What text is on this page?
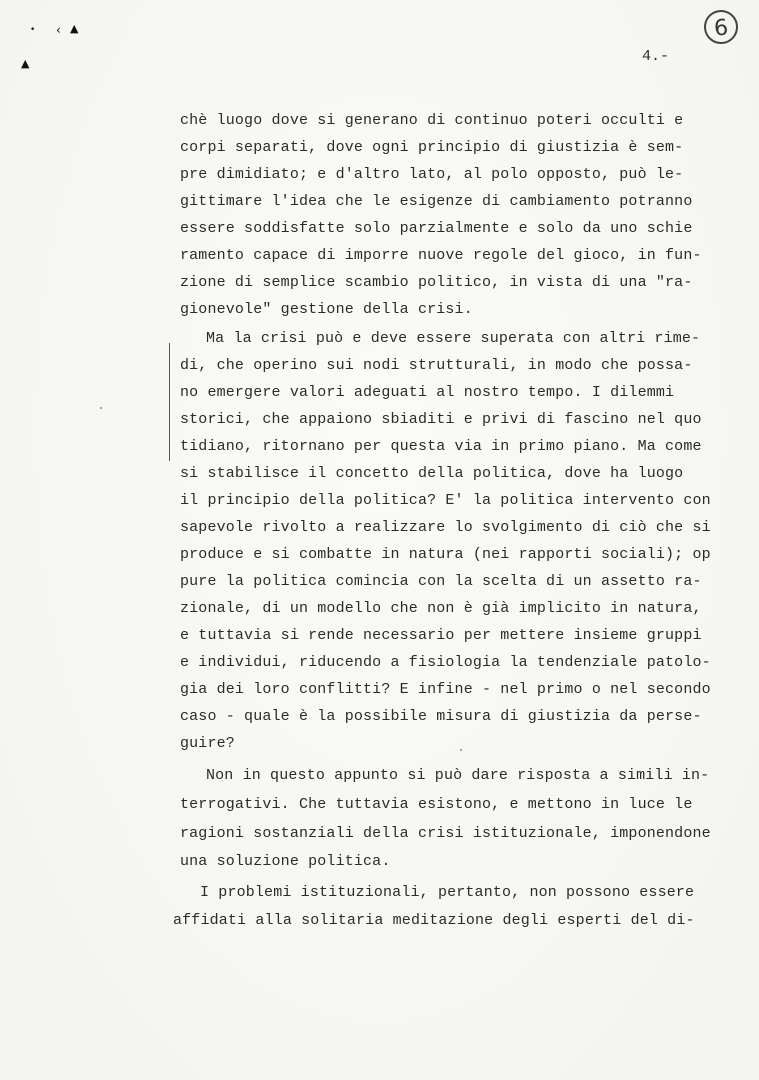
• ‹ ▲
▲
6
4.-
chè luogo dove si generano di continuo poteri occulti e
corpi separati, dove ogni principio di giustizia è sem-
pre dimidiato; e d'altro lato, al polo opposto, può le-
gittimare l'idea che le esigenze di cambiamento potranno
essere soddisfatte solo parzialmente e solo da uno schie
ramento capace di imporre nuove regole del gioco, in fun-
zione di semplice scambio politico, in vista di una "ra-
gionevole" gestione della crisi.
Ma la crisi può e deve essere superata con altri rime-
di, che operino sui nodi strutturali, in modo che possa-
no emergere valori adeguati al nostro tempo. I dilemmi
storici, che appaiono sbiaditi e privi di fascino nel quo
tidiano, ritornano per questa via in primo piano. Ma come
si stabilisce il concetto della politica, dove ha luogo
il principio della politica? E' la politica intervento con
sapevole rivolto a realizzare lo svolgimento di ciò che si
produce e si combatte in natura (nei rapporti sociali); op
pure la politica comincia con la scelta di un assetto ra-
zionale, di un modello che non è già implicito in natura,
e tuttavia si rende necessario per mettere insieme gruppi
e individui, riducendo a fisiologia la tendenziale patolo-
gia dei loro conflitti? E infine - nel primo o nel secondo
caso - quale è la possibile misura di giustizia da perse-
guire?
Non in questo appunto si può dare risposta a simili in-
terrogativi. Che tuttavia esistono, e mettono in luce le
ragioni sostanziali della crisi istituzionale, imponendone
una soluzione politica.
I problemi istituzionali, pertanto, non possono essere
affidati alla solitaria meditazione degli esperti del di-
